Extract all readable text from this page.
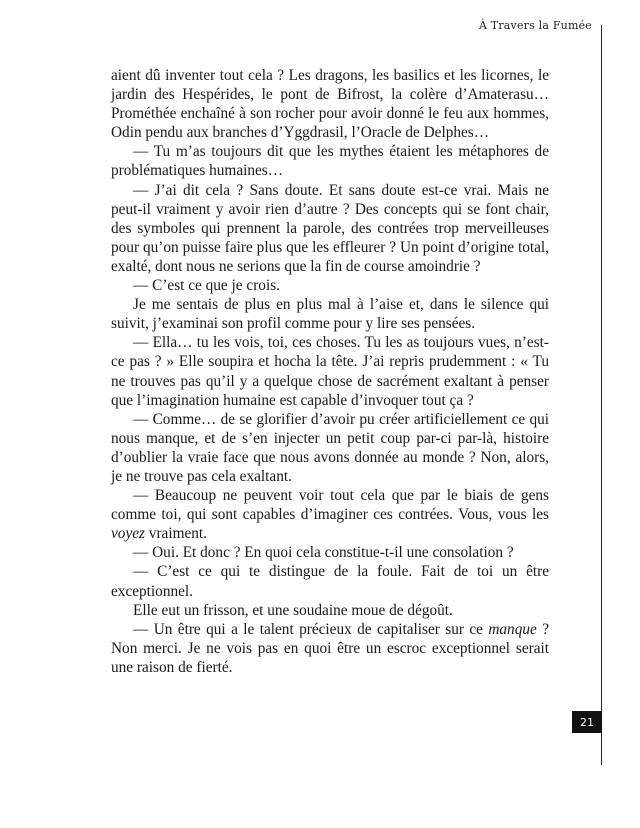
À Travers la Fumée

aient dû inventer tout cela ? Les dragons, les basilics et les licornes, le jardin des Hespérides, le pont de Bifrost, la colère d’Amaterasu… Prométhée enchaîné à son rocher pour avoir donné le feu aux hommes, Odin pendu aux branches d’Yggdrasil, l’Oracle de Delphes…

— Tu m’as toujours dit que les mythes étaient les métaphores de problématiques humaines…

— J’ai dit cela ? Sans doute. Et sans doute est-ce vrai. Mais ne peut-il vraiment y avoir rien d’autre ? Des concepts qui se font chair, des symboles qui prennent la parole, des contrées trop merveilleuses pour qu’on puisse faire plus que les effleurer ? Un point d’origine total, exalté, dont nous ne serions que la fin de course amoindrie ?

— C’est ce que je crois.

Je me sentais de plus en plus mal à l’aise et, dans le silence qui suivit, j’examinai son profil comme pour y lire ses pensées.

— Ella… tu les vois, toi, ces choses. Tu les as toujours vues, n’est-ce pas ? » Elle soupira et hocha la tête. J’ai repris prudemment : « Tu ne trouves pas qu’il y a quelque chose de sacrément exaltant à penser que l’imagination humaine est capable d’invoquer tout ça ?

— Comme… de se glorifier d’avoir pu créer artificiellement ce qui nous manque, et de s’en injecter un petit coup par-ci par-là, histoire d’oublier la vraie face que nous avons donnée au monde ? Non, alors, je ne trouve pas cela exaltant.

— Beaucoup ne peuvent voir tout cela que par le biais de gens comme toi, qui sont capables d’imaginer ces contrées. Vous, vous les voyez vraiment.

— Oui. Et donc ? En quoi cela constitue-t-il une consolation ?

— C’est ce qui te distingue de la foule. Fait de toi un être exceptionnel.

Elle eut un frisson, et une soudaine moue de dégoût.

— Un être qui a le talent précieux de capitaliser sur ce manque ? Non merci. Je ne vois pas en quoi être un escroc exceptionnel serait une raison de fierté.

21
